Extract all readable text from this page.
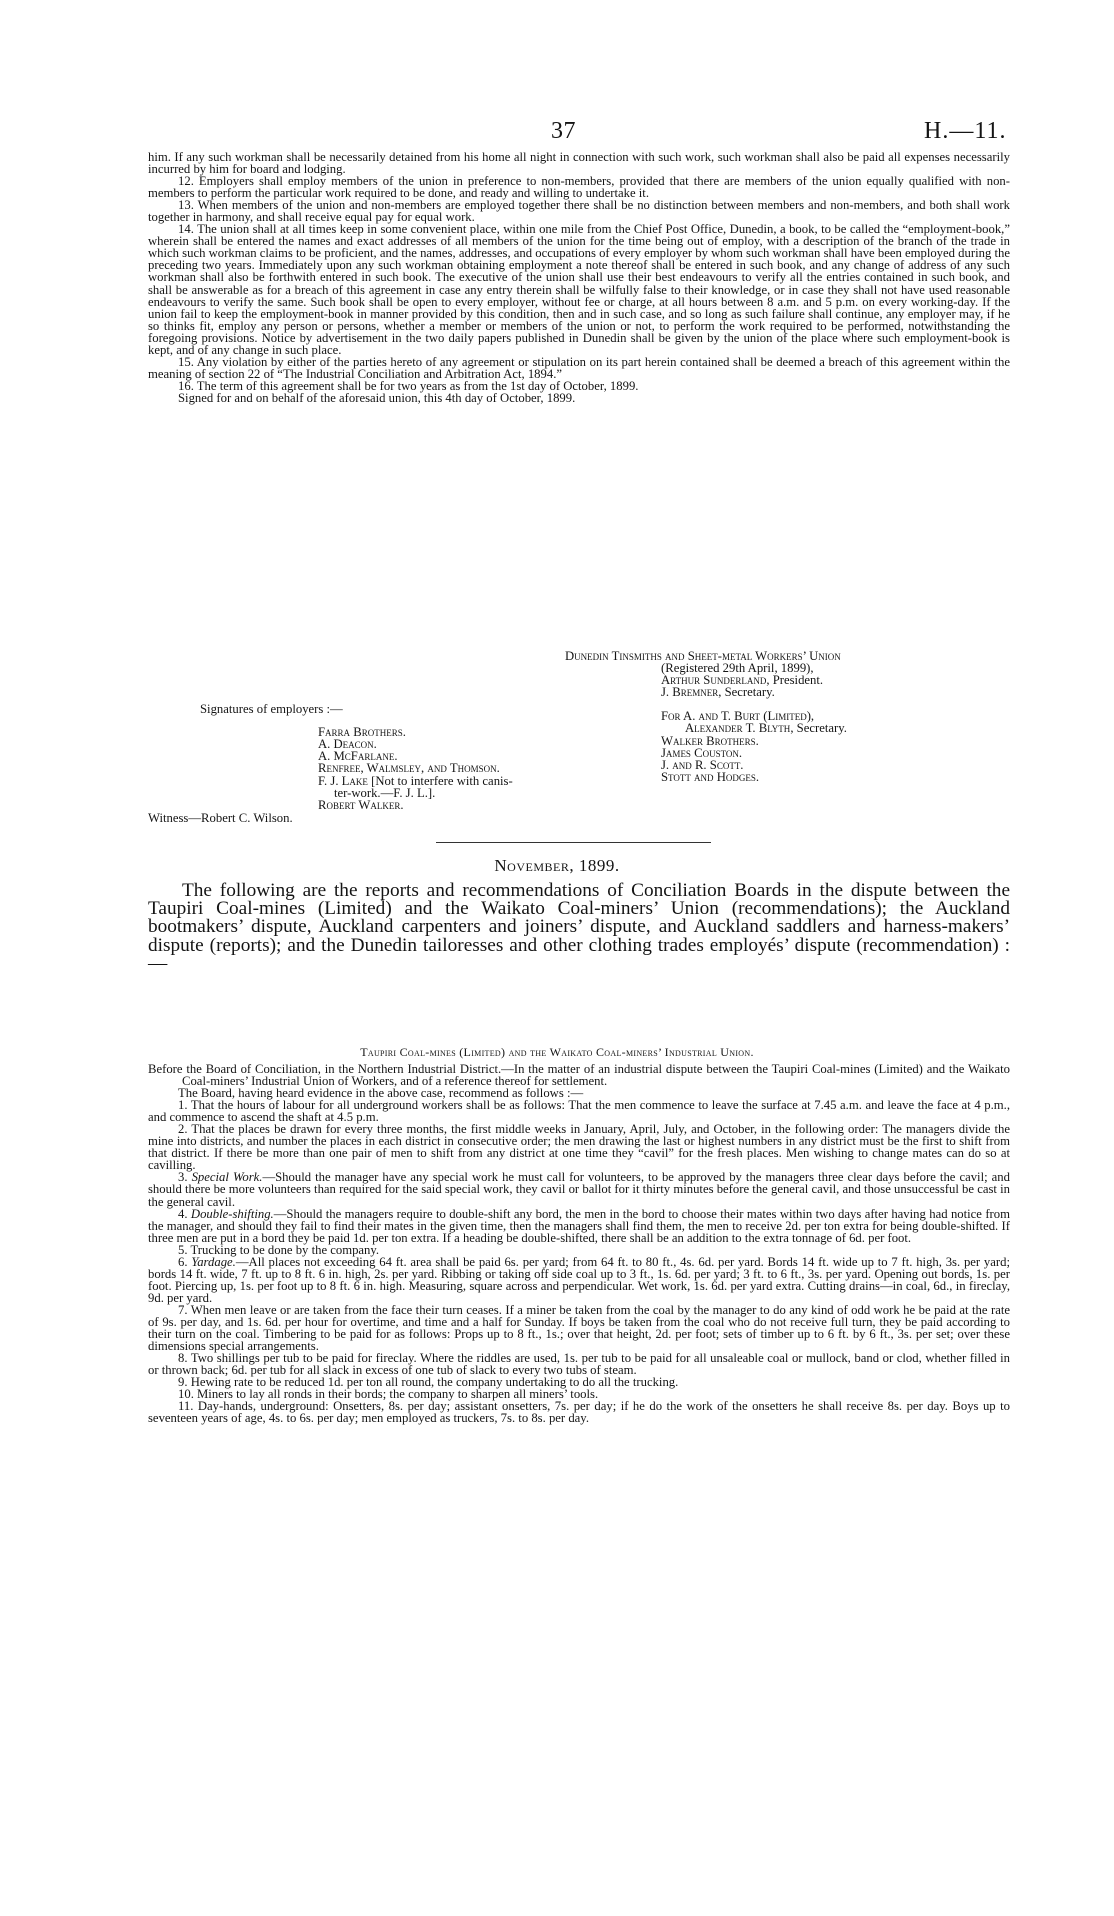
37	H.—11.

him. If any such workman shall be necessarily detained from his home all night in connection with such work, such workman shall also be paid all expenses necessarily incurred by him for board and lodging.

12. Employers shall employ members of the union in preference to non-members, provided that there are members of the union equally qualified with non-members to perform the particular work required to be done, and ready and willing to undertake it.

13. When members of the union and non-members are employed together there shall be no distinction between members and non-members, and both shall work together in harmony, and shall receive equal pay for equal work.

14. The union shall at all times keep in some convenient place, within one mile from the Chief Post Office, Dunedin, a book, to be called the “employment-book,” wherein shall be entered the names and exact addresses of all members of the union for the time being out of employ, with a description of the branch of the trade in which such workman claims to be proficient, and the names, addresses, and occupations of every employer by whom such workman shall have been employed during the preceding two years. Immediately upon any such workman obtaining employment a note thereof shall be entered in such book, and any change of address of any such workman shall also be forthwith entered in such book. The executive of the union shall use their best endeavours to verify all the entries contained in such book, and shall be answerable as for a breach of this agreement in case any entry therein shall be wilfully false to their knowledge, or in case they shall not have used reasonable endeavours to verify the same. Such book shall be open to every employer, without fee or charge, at all hours between 8 a.m. and 5 p.m. on every working-day. If the union fail to keep the employment-book in manner provided by this condition, then and in such case, and so long as such failure shall continue, any employer may, if he so thinks fit, employ any person or persons, whether a member or members of the union or not, to perform the work required to be performed, notwithstanding the foregoing provisions. Notice by advertisement in the two daily papers published in Dunedin shall be given by the union of the place where such employment-book is kept, and of any change in such place.

15. Any violation by either of the parties hereto of any agreement or stipulation on its part herein contained shall be deemed a breach of this agreement within the meaning of section 22 of “The Industrial Conciliation and Arbitration Act, 1894.”

16. The term of this agreement shall be for two years as from the 1st day of October, 1899.

Signed for and on behalf of the aforesaid union, this 4th day of October, 1899.

Dunedin Tinsmiths and Sheet-metal Workers’ Union
(Registered 29th April, 1899),
Arthur Sunderland, President.
J. Bremner, Secretary.
For A. and T. Burt (Limited),
Alexander T. Blyth, Secretary.
Walker Brothers.
James Couston.
J. and R. Scott.
Stott and Hodges.
Signatures of employers :—
Farra Brothers.
A. Deacon.
A. McFarlane.
Renfree, Walmsley, and Thomson.
F. J. Lake [Not to interfere with canis-
ter-work.—F. J. L.].
Robert Walker.
Witness—Robert C. Wilson.
November, 1899.

The following are the reports and recommendations of Conciliation Boards in the dispute between the Taupiri Coal-mines (Limited) and the Waikato Coal-miners’ Union (recommendations); the Auckland bootmakers’ dispute, Auckland carpenters and joiners’ dispute, and Auckland saddlers and harness-makers’ dispute (reports); and the Dunedin tailoresses and other clothing trades employés’ dispute (recommendation) :—

Taupiri Coal-mines (Limited) and the Waikato Coal-miners’ Industrial Union.

Before the Board of Conciliation, in the Northern Industrial District.—In the matter of an industrial dispute between the Taupiri Coal-mines (Limited) and the Waikato Coal-miners’ Industrial Union of Workers, and of a reference thereof for settlement.

The Board, having heard evidence in the above case, recommend as follows :—

1. That the hours of labour for all underground workers shall be as follows: That the men commence to leave the surface at 7.45 a.m. and leave the face at 4 p.m., and commence to ascend the shaft at 4.5 p.m.

2. That the places be drawn for every three months, the first middle weeks in January, April, July, and October, in the following order: The managers divide the mine into districts, and number the places in each district in consecutive order; the men drawing the last or highest numbers in any district must be the first to shift from that district. If there be more than one pair of men to shift from any district at one time they “cavil” for the fresh places. Men wishing to change mates can do so at cavilling.

3. Special Work.—Should the manager have any special work he must call for volunteers, to be approved by the managers three clear days before the cavil; and should there be more volunteers than required for the said special work, they cavil or ballot for it thirty minutes before the general cavil, and those unsuccessful be cast in the general cavil.

4. Double-shifting.—Should the managers require to double-shift any bord, the men in the bord to choose their mates within two days after having had notice from the manager, and should they fail to find their mates in the given time, then the managers shall find them, the men to receive 2d. per ton extra for being double-shifted. If three men are put in a bord they be paid 1d. per ton extra. If a heading be double-shifted, there shall be an addition to the extra tonnage of 6d. per foot.

5. Trucking to be done by the company.

6. Yardage.—All places not exceeding 64 ft. area shall be paid 6s. per yard; from 64 ft. to 80 ft., 4s. 6d. per yard. Bords 14 ft. wide up to 7 ft. high, 3s. per yard; bords 14 ft. wide, 7 ft. up to 8 ft. 6 in. high, 2s. per yard. Ribbing or taking off side coal up to 3 ft., 1s. 6d. per yard; 3 ft. to 6 ft., 3s. per yard. Opening out bords, 1s. per foot. Piercing up, 1s. per foot up to 8 ft. 6 in. high. Measuring, square across and perpendicular. Wet work, 1s. 6d. per yard extra. Cutting drains—in coal, 6d., in fireclay, 9d. per yard.

7. When men leave or are taken from the face their turn ceases. If a miner be taken from the coal by the manager to do any kind of odd work he be paid at the rate of 9s. per day, and 1s. 6d. per hour for overtime, and time and a half for Sunday. If boys be taken from the coal who do not receive full turn, they be paid according to their turn on the coal. Timbering to be paid for as follows: Props up to 8 ft., 1s.; over that height, 2d. per foot; sets of timber up to 6 ft. by 6 ft., 3s. per set; over these dimensions special arrangements.

8. Two shillings per tub to be paid for fireclay. Where the riddles are used, 1s. per tub to be paid for all unsaleable coal or mullock, band or clod, whether filled in or thrown back; 6d. per tub for all slack in excess of one tub of slack to every two tubs of steam.

9. Hewing rate to be reduced 1d. per ton all round, the company undertaking to do all the trucking.

10. Miners to lay all ronds in their bords; the company to sharpen all miners’ tools.

11. Day-hands, underground: Onsetters, 8s. per day; assistant onsetters, 7s. per day; if he do the work of the onsetters he shall receive 8s. per day. Boys up to seventeen years of age, 4s. to 6s. per day; men employed as truckers, 7s. to 8s. per day.
